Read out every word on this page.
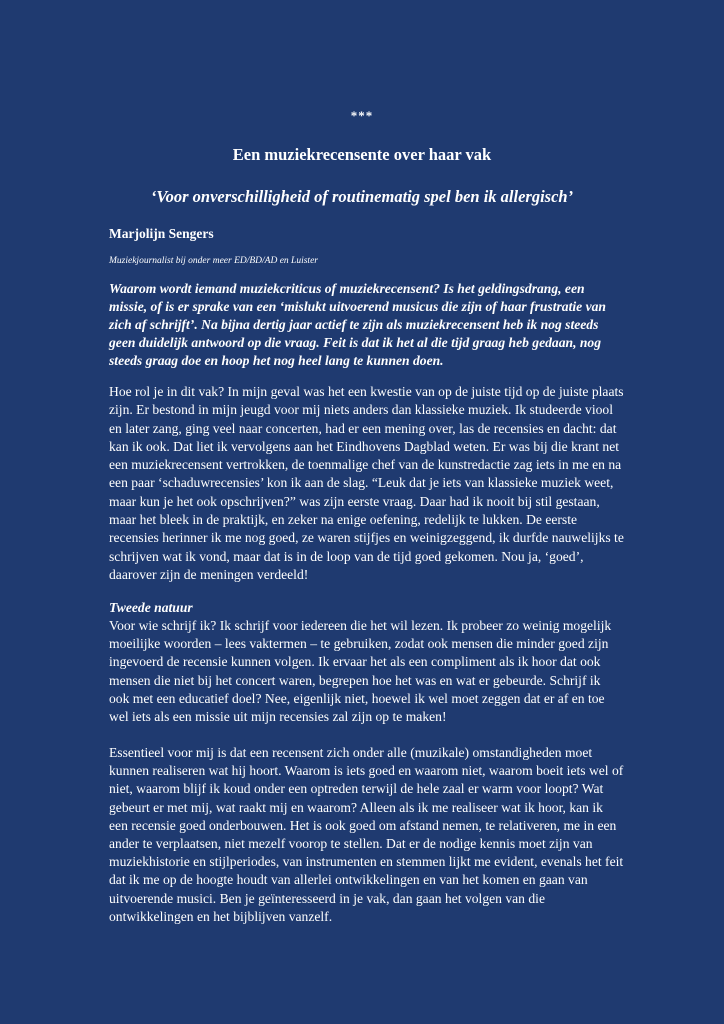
***
Een muziekrecensente over haar vak
‘Voor onverschilligheid of routinematig spel ben ik allergisch’
Marjolijn Sengers
Muziekjournalist bij onder meer ED/BD/AD en Luister

Waarom wordt iemand muziekcriticus of muziekrecensent? Is het geldingsdrang, een missie, of is er sprake van een ‘mislukt uitvoerend musicus die zijn of haar frustratie van zich af schrijft’. Na bijna dertig jaar actief te zijn als muziekrecensent heb ik nog steeds geen duidelijk antwoord op die vraag. Feit is dat ik het al die tijd graag heb gedaan, nog steeds graag doe en hoop het nog heel lang te kunnen doen.

Hoe rol je in dit vak? In mijn geval was het een kwestie van op de juiste tijd op de juiste plaats zijn. Er bestond in mijn jeugd voor mij niets anders dan klassieke muziek. Ik studeerde viool en later zang, ging veel naar concerten, had er een mening over, las de recensies en dacht: dat kan ik ook. Dat liet ik vervolgens aan het Eindhovens Dagblad weten. Er was bij die krant net een muziekrecensent vertrokken, de toenmalige chef van de kunstredactie zag iets in me en na een paar ‘schaduwrecensies’ kon ik aan de slag. “Leuk dat je iets van klassieke muziek weet, maar kun je het ook opschrijven?” was zijn eerste vraag. Daar had ik nooit bij stil gestaan, maar het bleek in de praktijk, en zeker na enige oefening, redelijk te lukken. De eerste recensies herinner ik me nog goed, ze waren stijfjes en weinigzeggend, ik durfde nauwelijks te schrijven wat ik vond, maar dat is in de loop van de tijd goed gekomen. Nou ja, ‘goed’, daarover zijn de meningen verdeeld!

Tweede natuur

Voor wie schrijf ik? Ik schrijf voor iedereen die het wil lezen. Ik probeer zo weinig mogelijk moeilijke woorden – lees vaktermen – te gebruiken, zodat ook mensen die minder goed zijn ingevoerd de recensie kunnen volgen. Ik ervaar het als een compliment als ik hoor dat ook mensen die niet bij het concert waren, begrepen hoe het was en wat er gebeurde. Schrijf ik ook met een educatief doel? Nee, eigenlijk niet, hoewel ik wel moet zeggen dat er af en toe wel iets als een missie uit mijn recensies zal zijn op te maken!

Essentieel voor mij is dat een recensent zich onder alle (muzikale) omstandigheden moet kunnen realiseren wat hij hoort. Waarom is iets goed en waarom niet, waarom boeit iets wel of niet, waarom blijf ik koud onder een optreden terwijl de hele zaal er warm voor loopt? Wat gebeurt er met mij, wat raakt mij en waarom? Alleen als ik me realiseer wat ik hoor, kan ik een recensie goed onderbouwen. Het is ook goed om afstand nemen, te relativeren, me in een ander te verplaatsen, niet mezelf voorop te stellen. Dat er de nodige kennis moet zijn van muziekhistorie en stijlperiodes, van instrumenten en stemmen lijkt me evident, evenals het feit dat ik me op de hoogte houdt van allerlei ontwikkelingen en van het komen en gaan van uitvoerende musici. Ben je geïnteresseerd in je vak, dan gaan het volgen van die ontwikkelingen en het bijblijven vanzelf.
